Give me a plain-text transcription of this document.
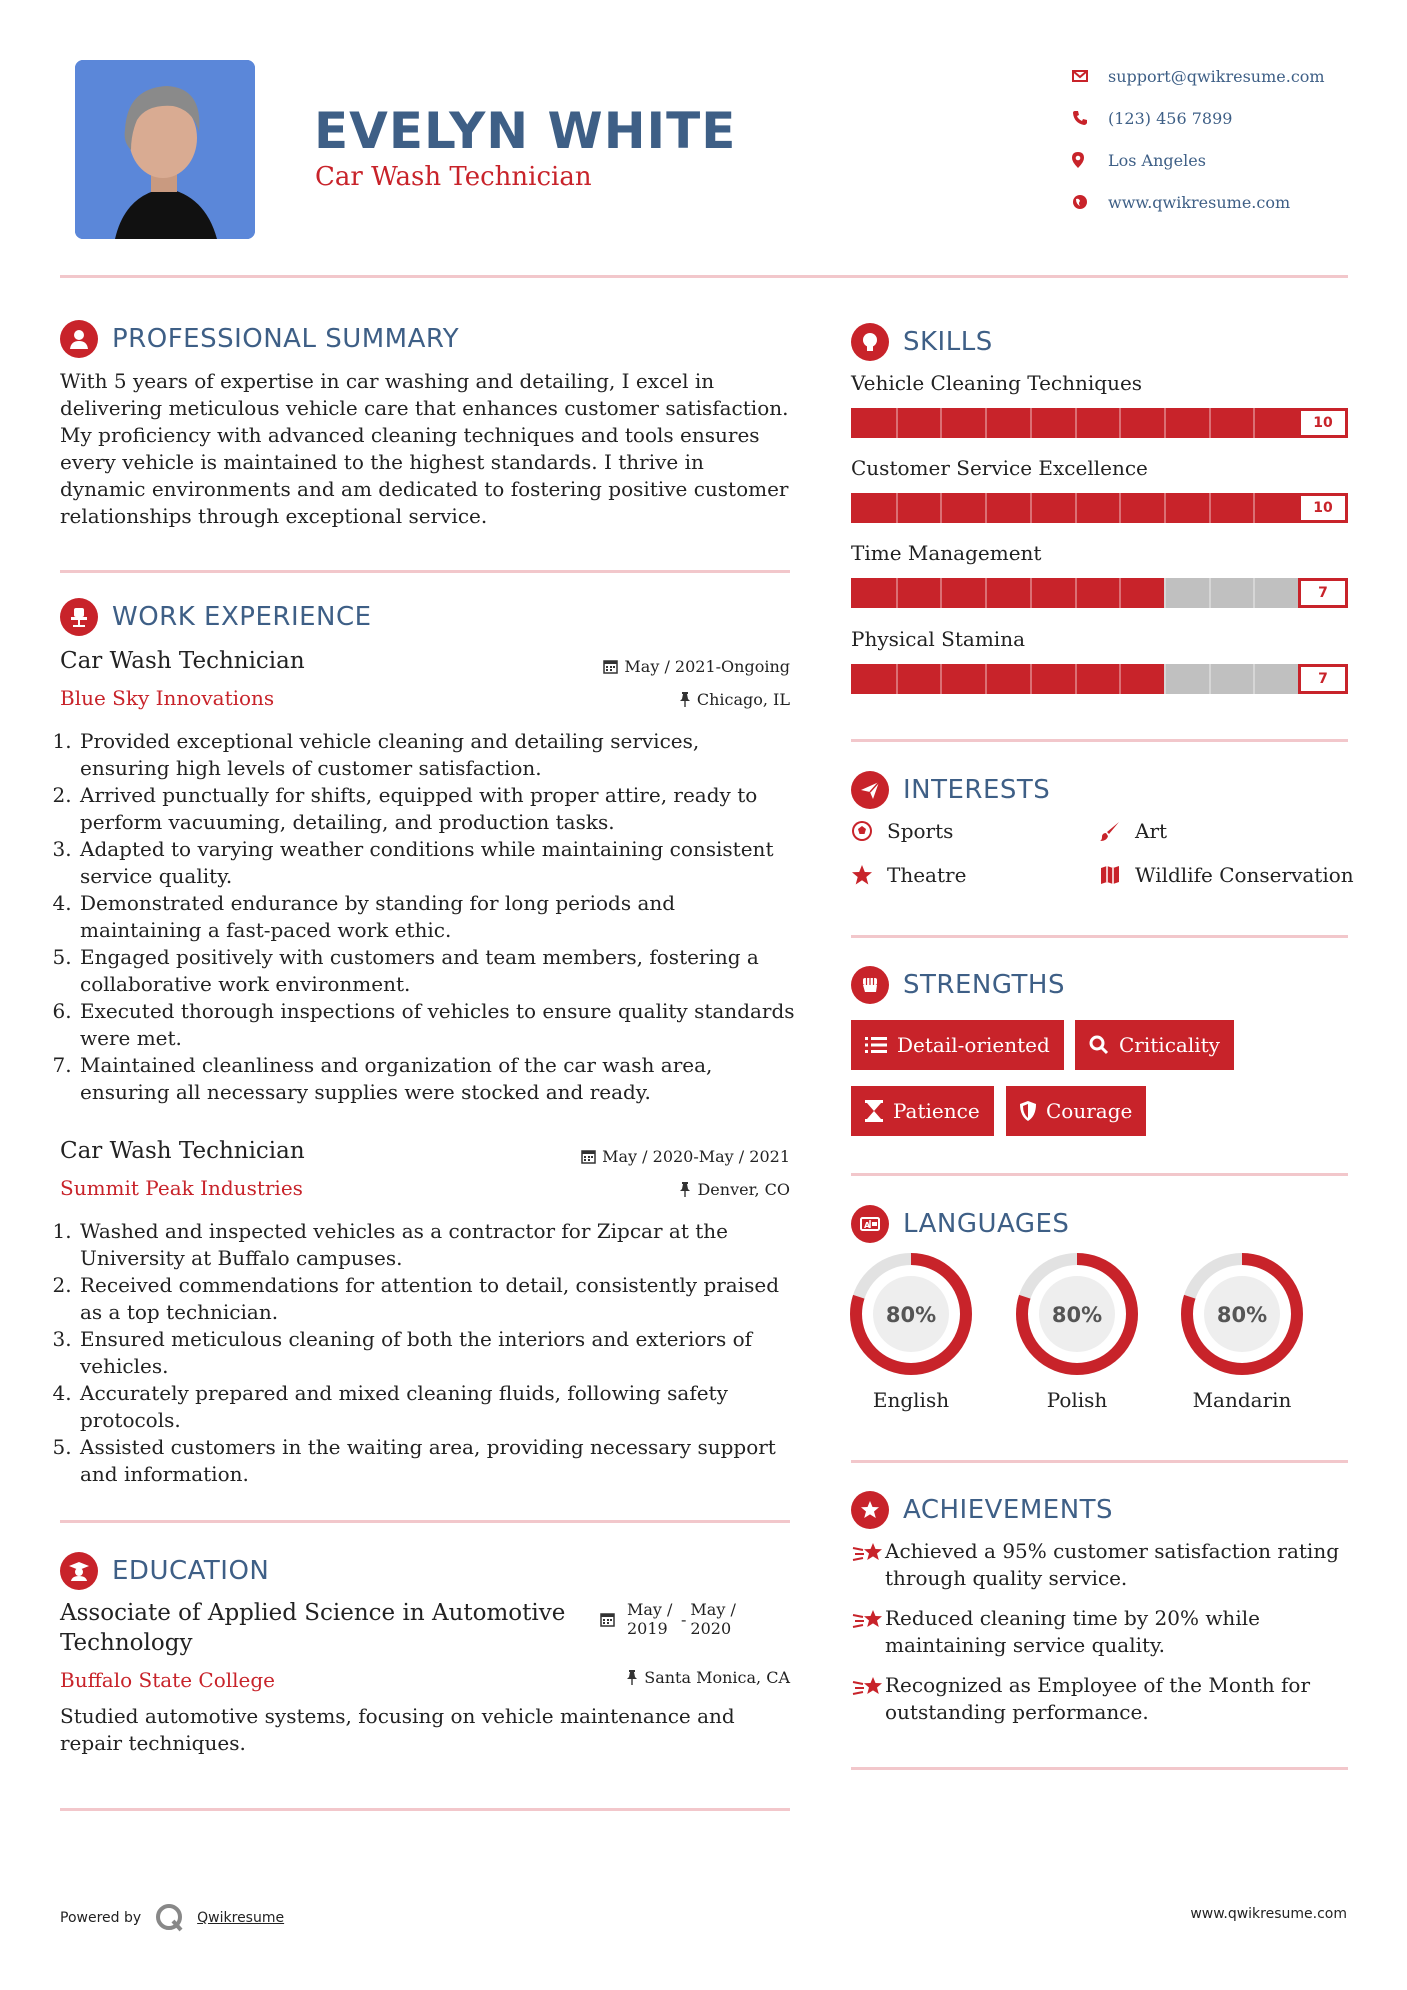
EVELYN WHITE
Car Wash Technician
support@qwikresume.com
(123) 456 7899
Los Angeles
www.qwikresume.com
PROFESSIONAL SUMMARY
With 5 years of expertise in car washing and detailing, I excel in delivering meticulous vehicle care that enhances customer satisfaction. My proficiency with advanced cleaning techniques and tools ensures every vehicle is maintained to the highest standards. I thrive in dynamic environments and am dedicated to fostering positive customer relationships through exceptional service.
WORK EXPERIENCE
Car Wash Technician
Blue Sky Innovations
May / 2021-Ongoing
Chicago, IL
1. Provided exceptional vehicle cleaning and detailing services, ensuring high levels of customer satisfaction.
2. Arrived punctually for shifts, equipped with proper attire, ready to perform vacuuming, detailing, and production tasks.
3. Adapted to varying weather conditions while maintaining consistent service quality.
4. Demonstrated endurance by standing for long periods and maintaining a fast-paced work ethic.
5. Engaged positively with customers and team members, fostering a collaborative work environment.
6. Executed thorough inspections of vehicles to ensure quality standards were met.
7. Maintained cleanliness and organization of the car wash area, ensuring all necessary supplies were stocked and ready.
Car Wash Technician
Summit Peak Industries
May / 2020-May / 2021
Denver, CO
1. Washed and inspected vehicles as a contractor for Zipcar at the University at Buffalo campuses.
2. Received commendations for attention to detail, consistently praised as a top technician.
3. Ensured meticulous cleaning of both the interiors and exteriors of vehicles.
4. Accurately prepared and mixed cleaning fluids, following safety protocols.
5. Assisted customers in the waiting area, providing necessary support and information.
EDUCATION
Associate of Applied Science in Automotive Technology
Buffalo State College
May / 2019 - May / 2020
Santa Monica, CA
Studied automotive systems, focusing on vehicle maintenance and repair techniques.
SKILLS
Vehicle Cleaning Techniques
10
Customer Service Excellence
10
Time Management
7
Physical Stamina
7
INTERESTS
Sports	Art
Theatre	Wildlife Conservation
STRENGTHS
Detail-oriented	Criticality
Patience	Courage
A LANGUAGES
80%
English
80%
Polish
80%
Mandarin
ACHIEVEMENTS
Achieved a 95% customer satisfaction rating through quality service.
Reduced cleaning time by 20% while maintaining service quality.
Recognized as Employee of the Month for outstanding performance.
Powered by	Qwikresume	www.qwikresume.com
